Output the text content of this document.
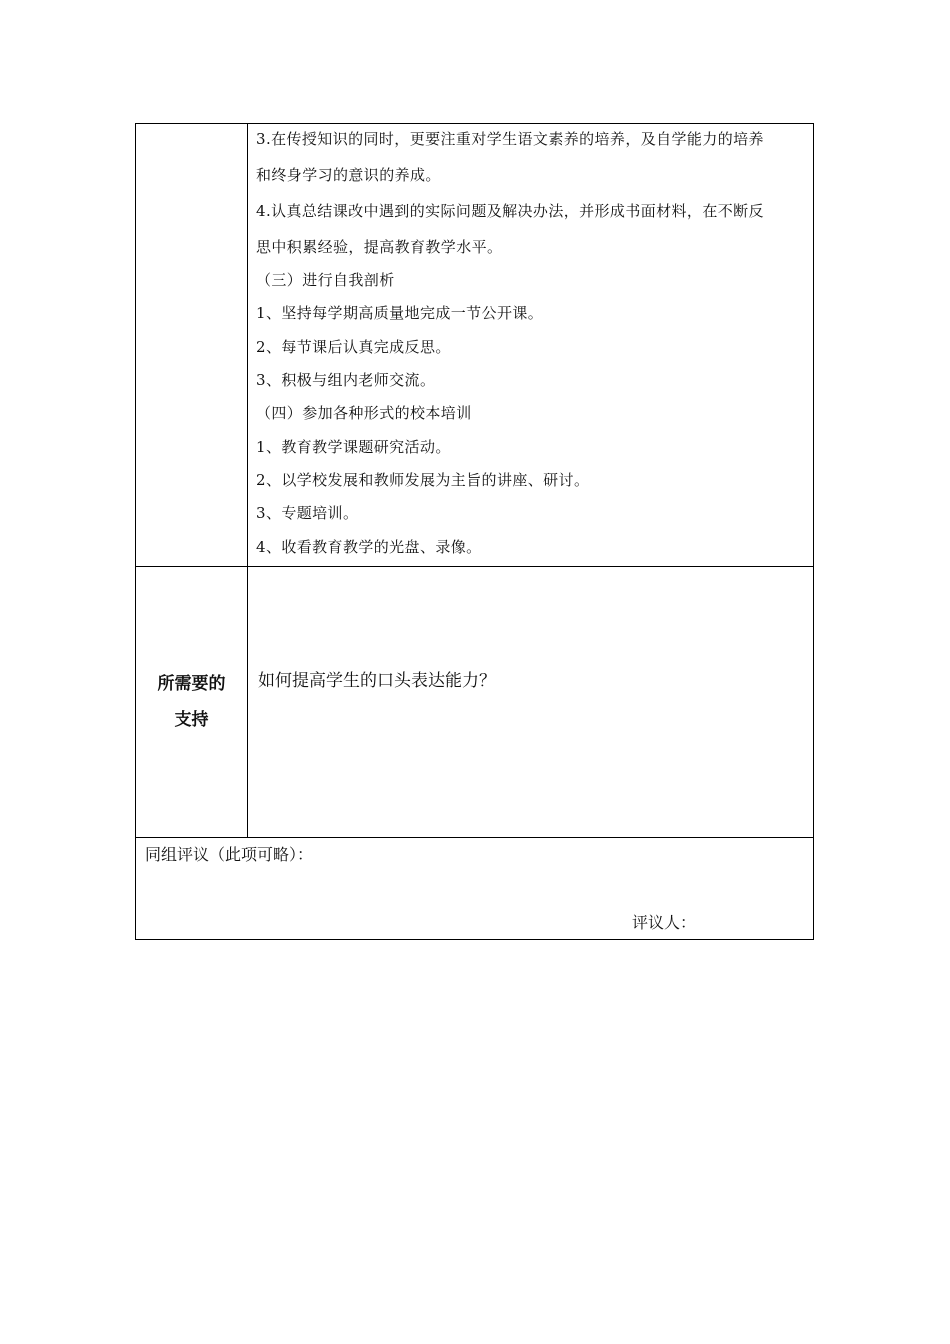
3.在传授知识的同时，更要注重对学生语文素养的培养，及自学能力的培养
和终身学习的意识的养成。
4.认真总结课改中遇到的实际问题及解决办法，并形成书面材料，在不断反
思中积累经验，提高教育教学水平。
（三）进行自我剖析
1、坚持每学期高质量地完成一节公开课。
2、每节课后认真完成反思。
3、积极与组内老师交流。
（四）参加各种形式的校本培训
1、教育教学课题研究活动。
2、以学校发展和教师发展为主旨的讲座、研讨。
3、专题培训。
4、收看教育教学的光盘、录像。
所需要的
支持
如何提高学生的口头表达能力？
同组评议（此项可略）：
评议人：
